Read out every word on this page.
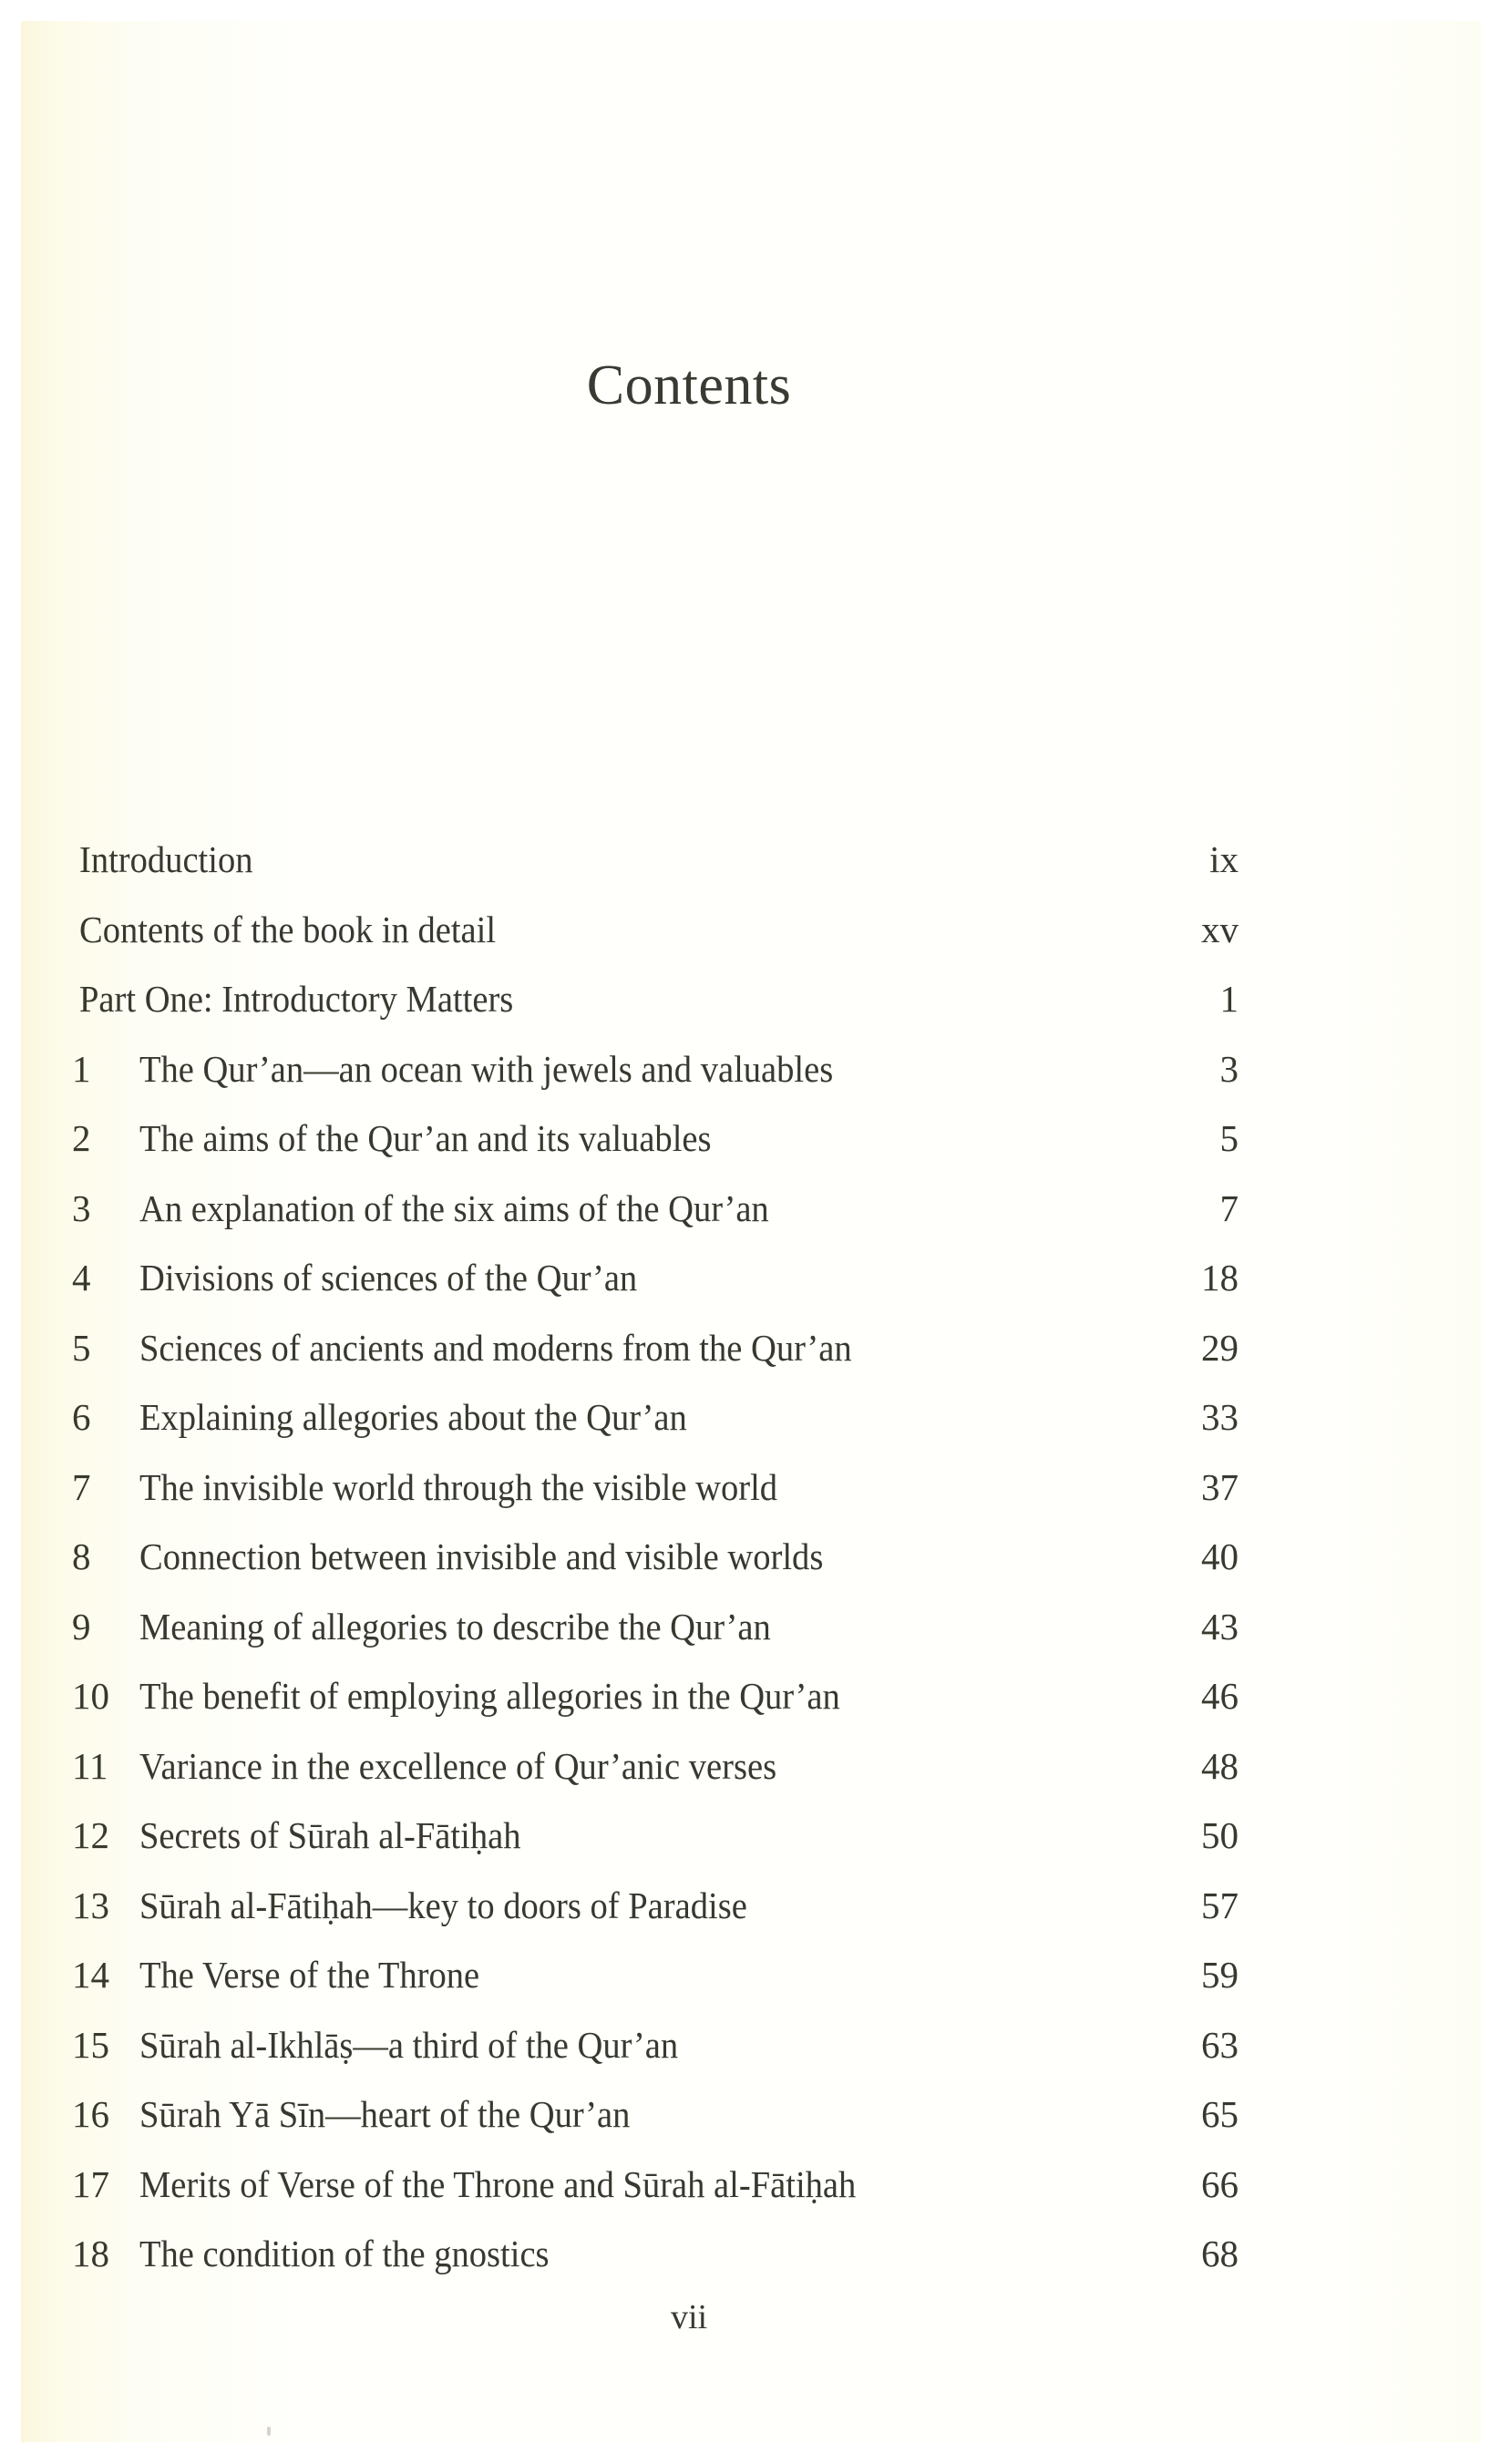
Contents
Introduction	ix
Contents of the book in detail	xv
Part One: Introductory Matters	1
1	The Qur’an—an ocean with jewels and valuables	3
2	The aims of the Qur’an and its valuables	5
3	An explanation of the six aims of the Qur’an	7
4	Divisions of sciences of the Qur’an	18
5	Sciences of ancients and moderns from the Qur’an	29
6	Explaining allegories about the Qur’an	33
7	The invisible world through the visible world	37
8	Connection between invisible and visible worlds	40
9	Meaning of allegories to describe the Qur’an	43
10 The benefit of employing allegories in the Qur’an	46
11 Variance in the excellence of Qur’anic verses	48
12 Secrets of Sūrah al-Fātiḥah	50
13 Sūrah al-Fātiḥah—key to doors of Paradise	57
14 The Verse of the Throne	59
15 Sūrah al-Ikhlāṣ—a third of the Qur’an	63
16 Sūrah Yā Sīn—heart of the Qur’an	65
17 Merits of Verse of the Throne and Sūrah al-Fātiḥah	66
18 The condition of the gnostics	68
vii
